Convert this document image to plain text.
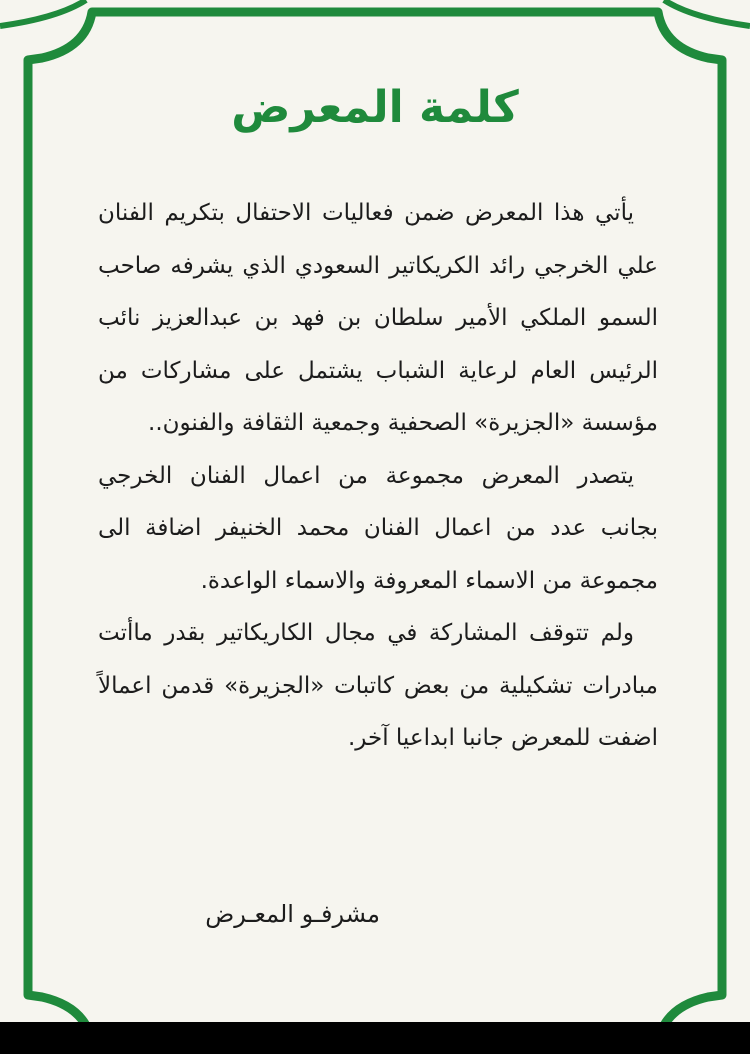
كلمة المعرض

يأتي هذا المعرض ضمن فعاليات الاحتفال بتكريم الفنان علي الخرجي رائد الكريكاتير السعودي الذي يشرفه صاحب السمو الملكي الأمير سلطان بن فهد بن عبدالعزيز نائب الرئيس العام لرعاية الشباب يشتمل على مشاركات من مؤسسة «الجزيرة» الصحفية وجمعية الثقافة والفنون..

يتصدر المعرض مجموعة من اعمال الفنان الخرجي بجانب عدد من اعمال الفنان محمد الخنيفر اضافة الى مجموعة من الاسماء المعروفة والاسماء الواعدة.

ولم تتوقف المشاركة في مجال الكاريكاتير بقدر ماأتت مبادرات تشكيلية من بعض كاتبات «الجزيرة» قدمن اعمالاً اضفت للمعرض جانبا ابداعيا آخر.

مشرفـو المعـرض
